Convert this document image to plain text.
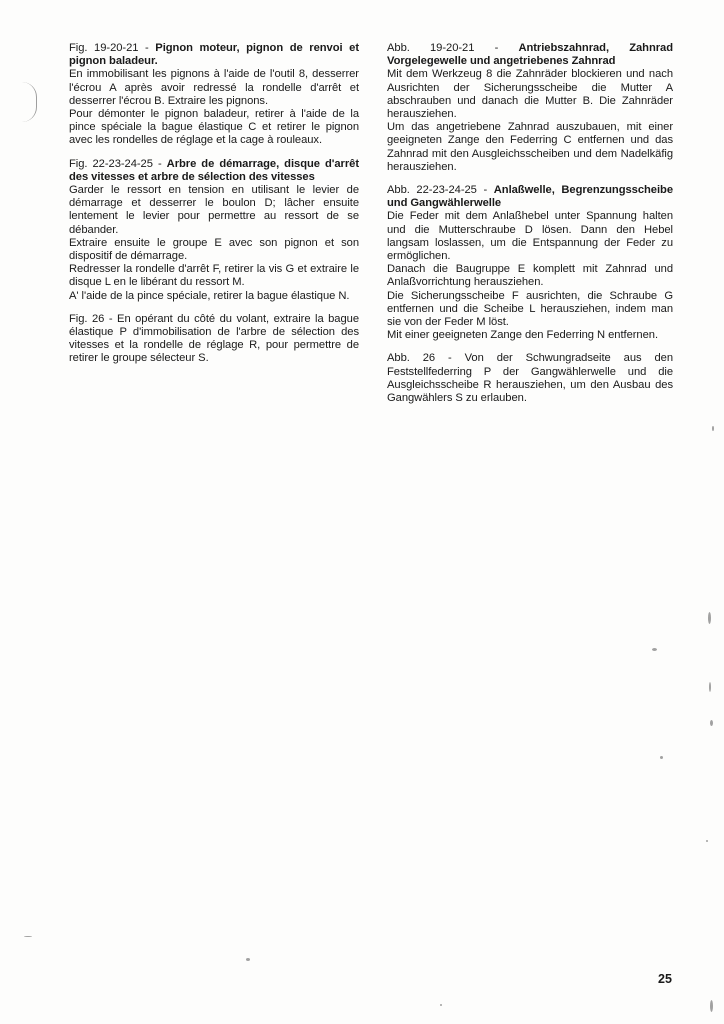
Fig. 19-20-21 - Pignon moteur, pignon de renvoi et pignon baladeur.
En immobilisant les pignons à l'aide de l'outil 8, desserrer l'écrou A après avoir redressé la rondelle d'arrêt et desserrer l'écrou B. Extraire les pignons.
Pour démonter le pignon baladeur, retirer à l'aide de la pince spéciale la bague élastique C et retirer le pignon avec les rondelles de réglage et la cage à rouleaux.
Fig. 22-23-24-25 - Arbre de démarrage, disque d'arrêt des vitesses et arbre de sélection des vitesses
Garder le ressort en tension en utilisant le levier de démarrage et desserrer le boulon D; lâcher ensuite lentement le levier pour permettre au ressort de se débander.
Extraire ensuite le groupe E avec son pignon et son dispositif de démarrage.
Redresser la rondelle d'arrêt F, retirer la vis G et extraire le disque L en le libérant du ressort M.
A' l'aide de la pince spéciale, retirer la bague élastique N.
Fig. 26 - En opérant du côté du volant, extraire la bague élastique P d'immobilisation de l'arbre de sélection des vitesses et la rondelle de réglage R, pour permettre de retirer le groupe sélecteur S.
Abb. 19-20-21 - Antriebszahnrad, Zahnrad Vorgelegewelle und angetriebenes Zahnrad
Mit dem Werkzeug 8 die Zahnräder blockieren und nach Ausrichten der Sicherungsscheibe die Mutter A abschrauben und danach die Mutter B. Die Zahnräder herausziehen.
Um das angetriebene Zahnrad auszubauen, mit einer geeigneten Zange den Federring C entfernen und das Zahnrad mit den Ausgleichsscheiben und dem Nadelkäfig herausziehen.
Abb. 22-23-24-25 - Anlaßwelle, Begrenzungsscheibe und Gangwählerwelle
Die Feder mit dem Anlaßhebel unter Spannung halten und die Mutterschraube D lösen. Dann den Hebel langsam loslassen, um die Entspannung der Feder zu ermöglichen.
Danach die Baugruppe E komplett mit Zahnrad und Anlaßvorrichtung herausziehen.
Die Sicherungsscheibe F ausrichten, die Schraube G entfernen und die Scheibe L herausziehen, indem man sie von der Feder M löst.
Mit einer geeigneten Zange den Federring N entfernen.
Abb. 26 - Von der Schwungradseite aus den Feststellfederring P der Gangwählerwelle und die Ausgleichsscheibe R herausziehen, um den Ausbau des Gangwählers S zu erlauben.
25
